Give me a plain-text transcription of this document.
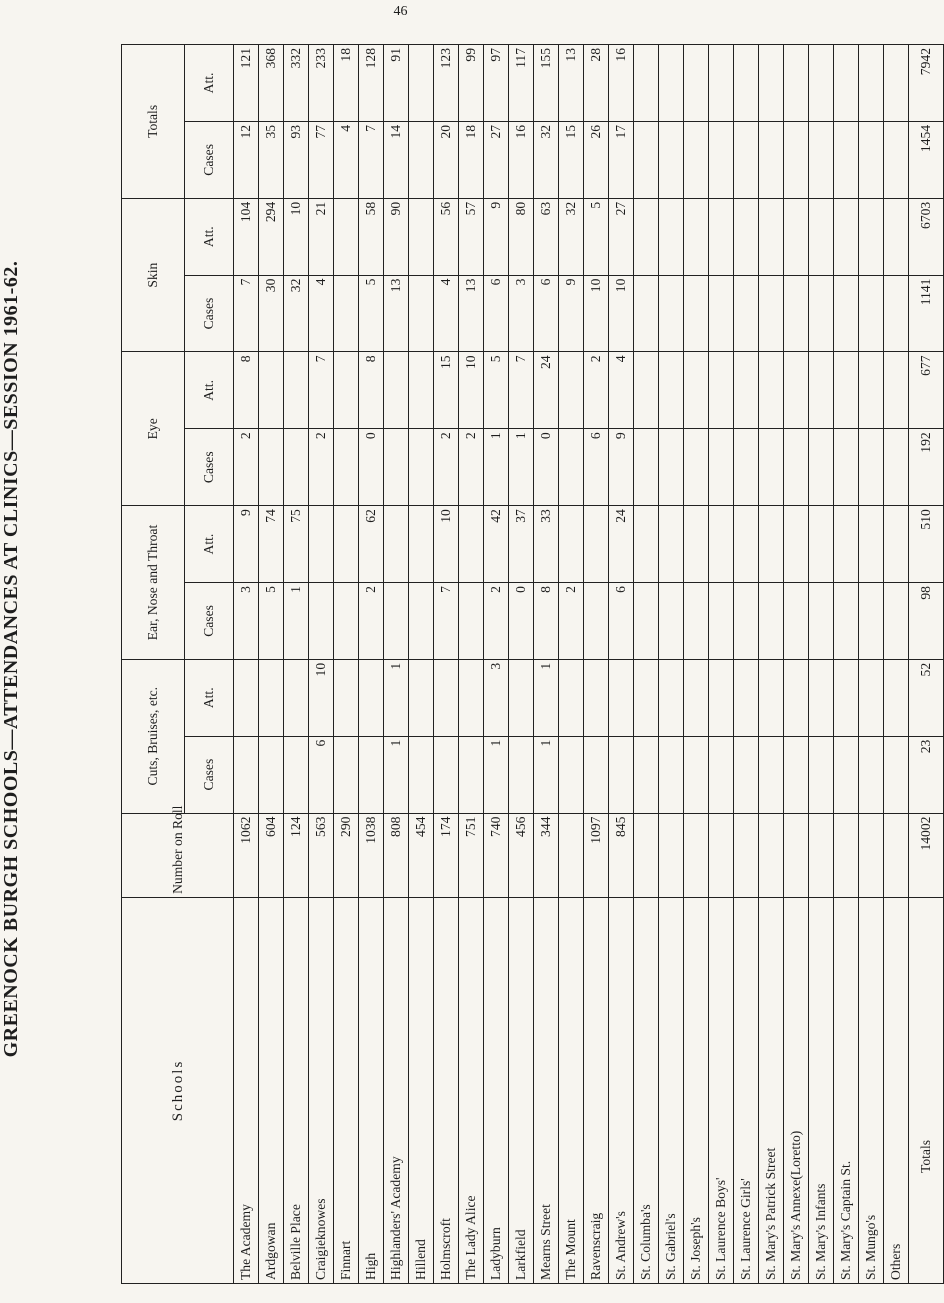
46
GREENOCK BURGH SCHOOLS—ATTENDANCES AT CLINICS—SESSION 1961-62.
Schools	Number on Roll	Cuts, Bruises, etc.		Ear, Nose and Throat		Eye		Skin		Totals	
		Cases	Att.	Cases	Att.	Cases	Att.	Cases	Att.	Cases	Att.
The Academy	1062			3	9	2	8	7	104	12	121
Ardgowan	604			5	74			30	294	35	368
Belville Place	124			1	75			32	10	93	332
Craigieknowes	563	6	10			2	7	4	21	77	233
Finnart	290									4	18
High	1038			2	62	0	8	5	58	7	128
Highlanders' Academy	808	1	1					13	90	14	91
Hillend	454										
Holmscroft	174			7	10	2	15	4	56	20	123
The Lady Alice	751					2	10	13	57	18	99
Ladyburn	740	1	3	2	42	1	5	6	9	27	97
Larkfield	456			0	37	1	7	3	80	16	117
Mearns Street	344	1	1	8	33	0	24	6	63	32	155
The Mount				2				9	32	15	13
Ravenscraig	1097					6	2	10	5	26	28
St. Andrew's	845			6	24	9	4	10	27	17	16
St. Columba's											
St. Gabriel's											
St. Joseph's											
St. Laurence Boys'											
St. Laurence Girls'											
St. Mary's Patrick Street											
St. Mary's Annexe(Loretto)											
St. Mary's Infants											
St. Mary's Captain St.											
St. Mungo's											
Others											
Totals	14002	23	52	98	510	192	677	1141	6703	1454	7942
